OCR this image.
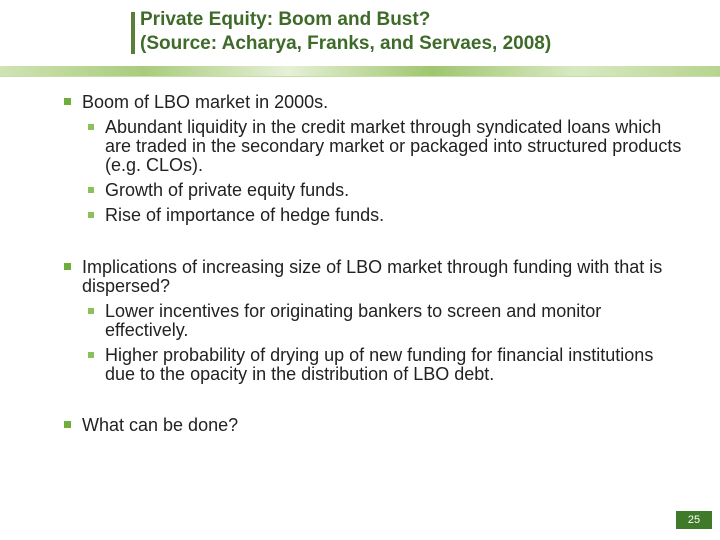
Private Equity: Boom and Bust?
(Source: Acharya, Franks, and Servaes, 2008)
Boom of LBO market in 2000s.
Abundant liquidity in the credit market through syndicated loans which are traded in the secondary market or packaged into structured products (e.g. CLOs).
Growth of private equity funds.
Rise of importance of hedge funds.
Implications of increasing size of LBO market through funding with that is dispersed?
Lower incentives for originating bankers to screen and monitor effectively.
Higher probability of drying up of new funding for financial institutions due to the opacity in the distribution of LBO debt.
What can be done?
25
